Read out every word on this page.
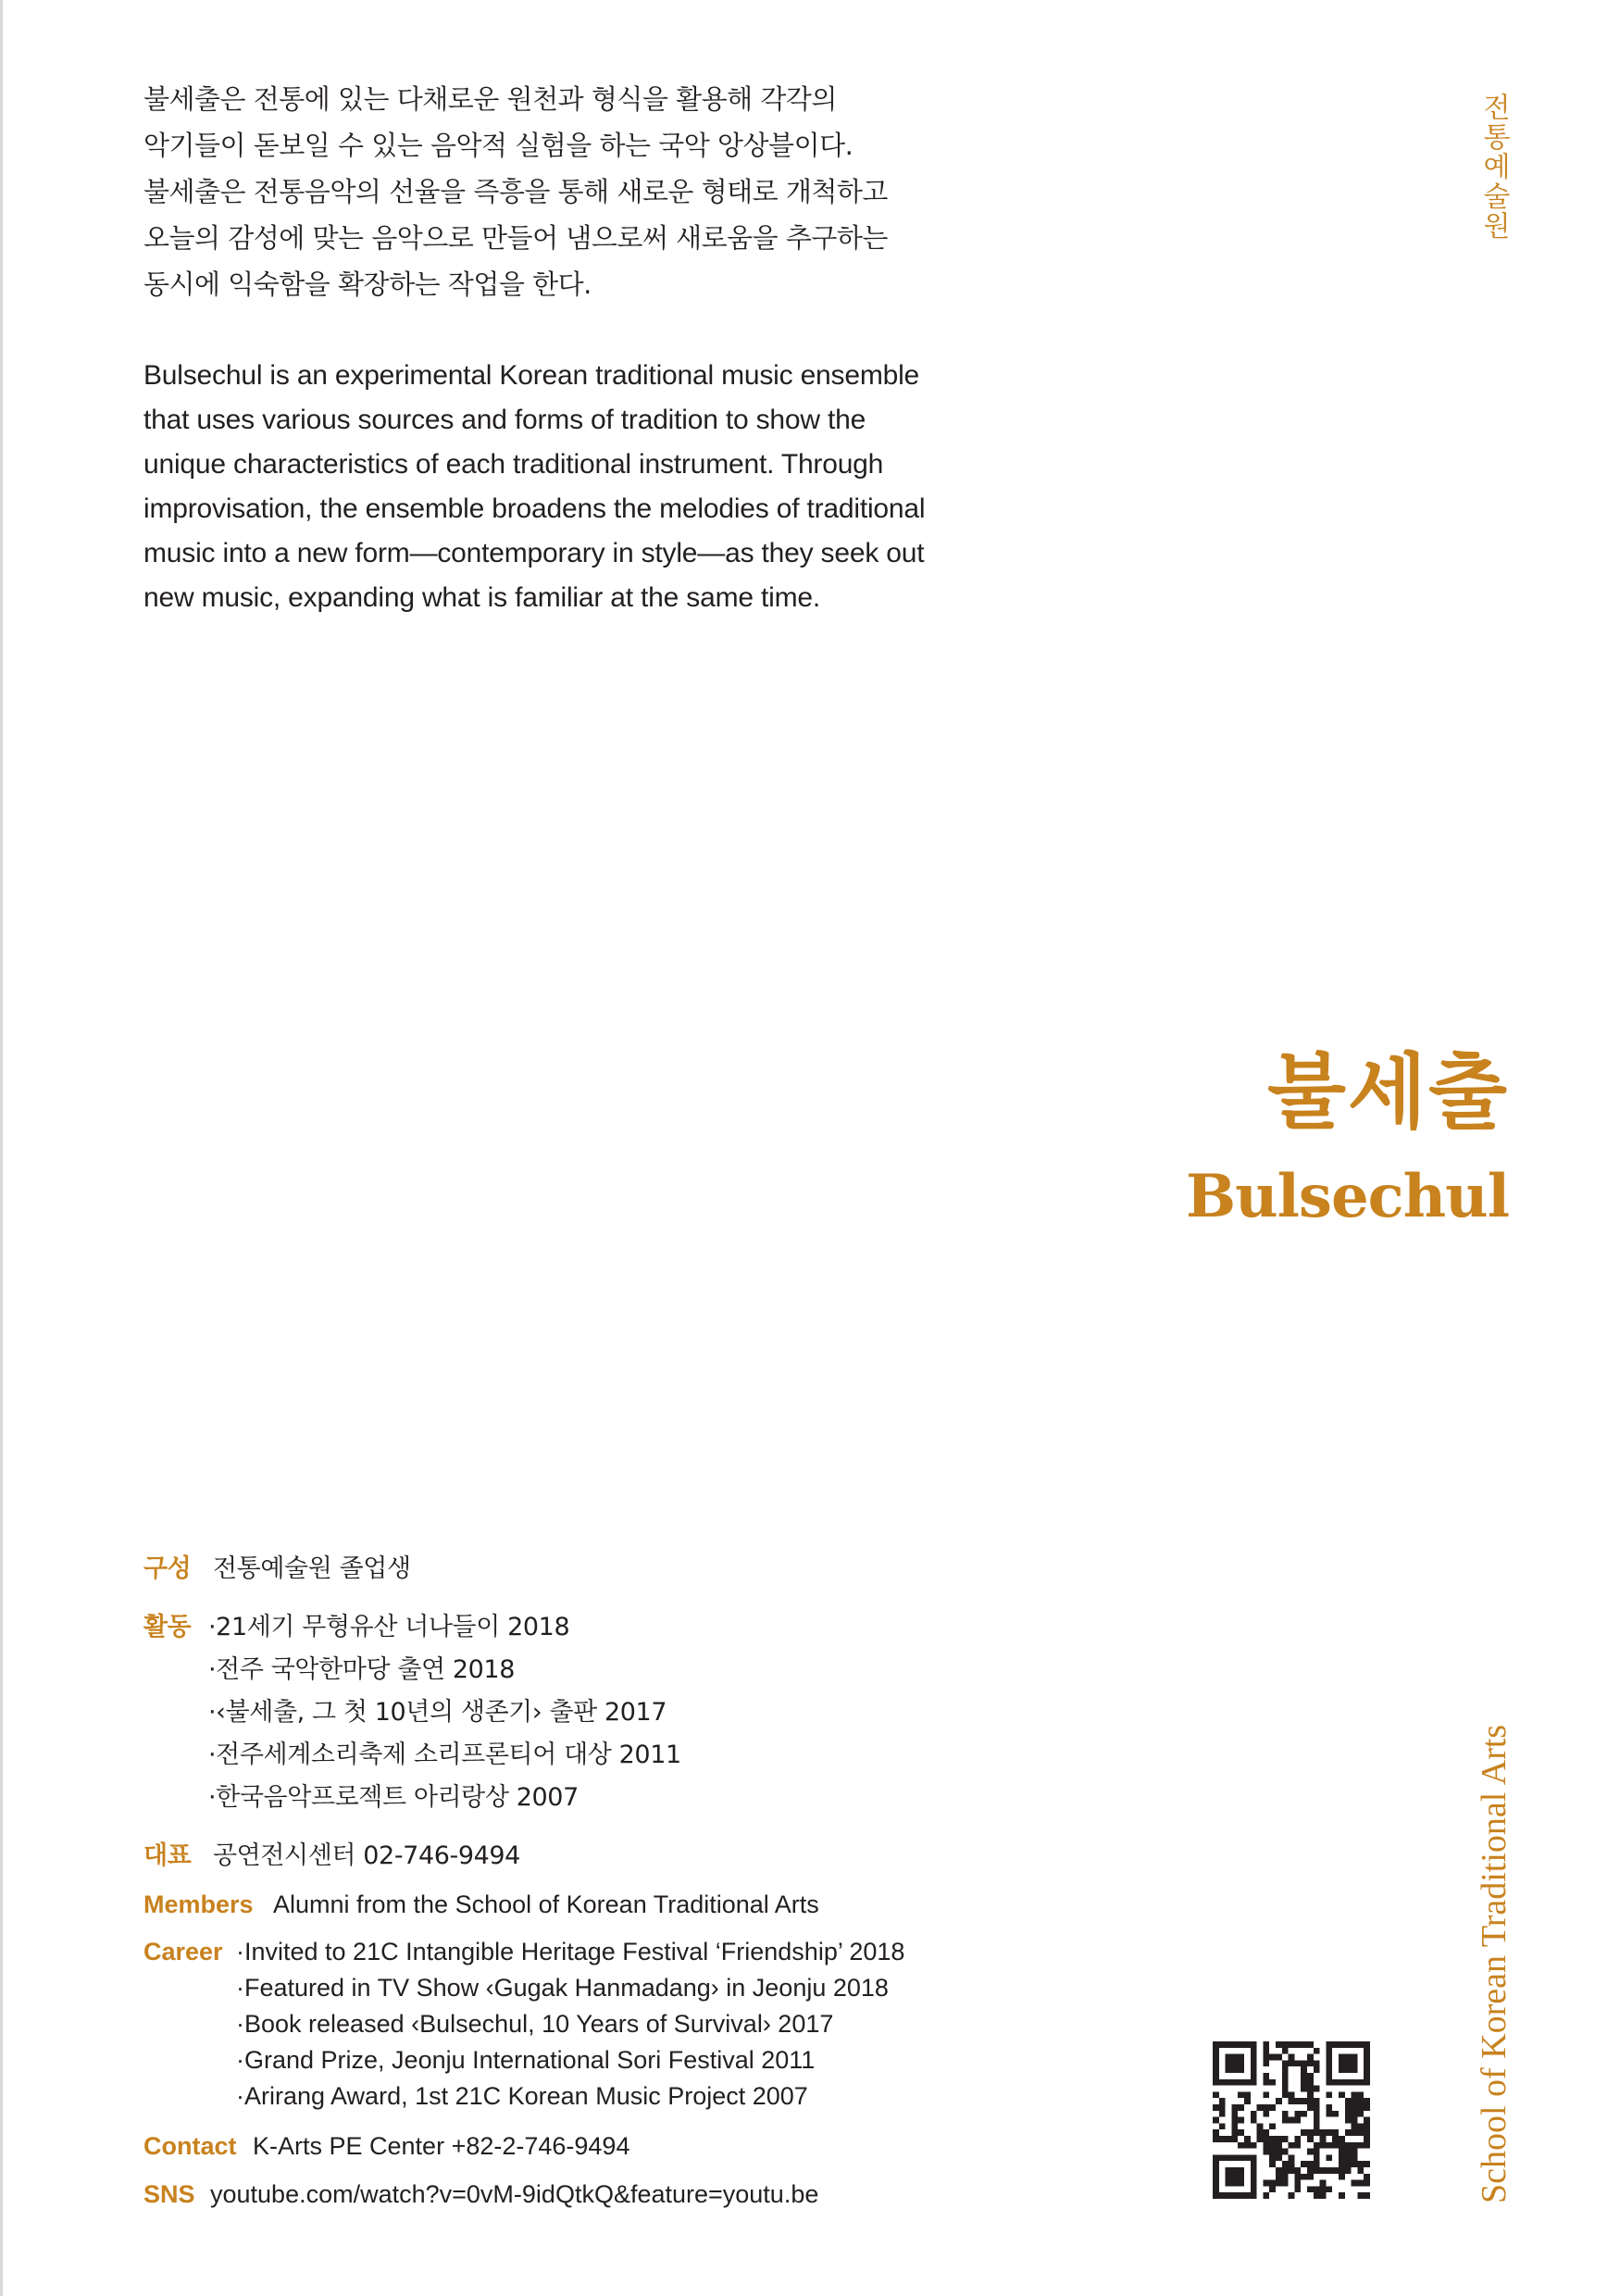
불세출은 전통에 있는 다채로운 원천과 형식을 활용해 각각의
악기들이 돋보일 수 있는 음악적 실험을 하는 국악 앙상블이다.
불세출은 전통음악의 선율을 즉흥을 통해 새로운 형태로 개척하고
오늘의 감성에 맞는 음악으로 만들어 냄으로써 새로움을 추구하는
동시에 익숙함을 확장하는 작업을 한다.
Bulsechul is an experimental Korean traditional music ensemble
that uses various sources and forms of tradition to show the
unique characteristics of each traditional instrument. Through
improvisation, the ensemble broadens the melodies of traditional
music into a new form—contemporary in style—as they seek out
new music, expanding what is familiar at the same time.
전통예술원
School of Korean Traditional Arts
불세출
Bulsechul
구성 전통예술원 졸업생
활동 ·21세기 무형유산 너나들이 2018
·전주 국악한마당 출연 2018
·‹불세출, 그 첫 10년의 생존기› 출판 2017
·전주세계소리축제 소리프론티어 대상 2011
·한국음악프로젝트 아리랑상 2007
대표 공연전시센터 02-746-9494
Members Alumni from the School of Korean Traditional Arts
Career ·Invited to 21C Intangible Heritage Festival ‘Friendship’ 2018
·Featured in TV Show ‹Gugak Hanmadang› in Jeonju 2018
·Book released ‹Bulsechul, 10 Years of Survival› 2017
·Grand Prize, Jeonju International Sori Festival 2011
·Arirang Award, 1st 21C Korean Music Project 2007
Contact K-Arts PE Center +82-2-746-9494
SNS youtube.com/watch?v=0vM-9idQtkQ&feature=youtu.be
